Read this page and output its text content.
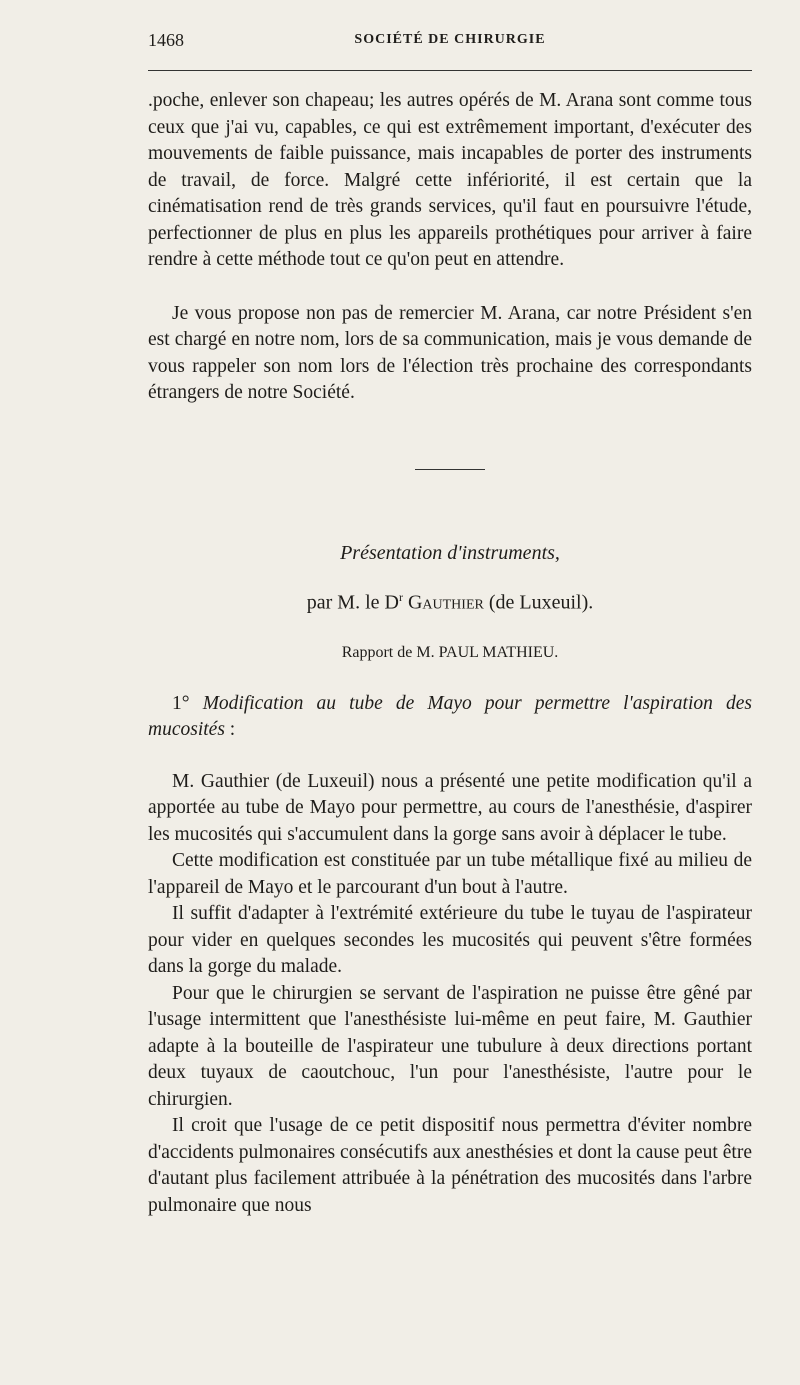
1468	SOCIÉTÉ DE CHIRURGIE

.poche, enlever son chapeau; les autres opérés de M. Arana sont comme tous ceux que j'ai vu, capables, ce qui est extrêmement important, d'exécuter des mouvements de faible puissance, mais incapables de porter des instruments de travail, de force. Malgré cette infériorité, il est certain que la cinématisation rend de très grands services, qu'il faut en poursuivre l'étude, perfectionner de plus en plus les appareils prothétiques pour arriver à faire rendre à cette méthode tout ce qu'on peut en attendre.

Je vous propose non pas de remercier M. Arana, car notre Président s'en est chargé en notre nom, lors de sa communication, mais je vous demande de vous rappeler son nom lors de l'élection très prochaine des correspondants étrangers de notre Société.

Présentation d'instruments,

par M. le $D^r$ Gauthier (de Luxeuil).

Rapport de M. PAUL MATHIEU.

1° Modification au tube de Mayo pour permettre l'aspiration des mucosités :

M. Gauthier (de Luxeuil) nous a présenté une petite modification qu'il a apportée au tube de Mayo pour permettre, au cours de l'anesthésie, d'aspirer les mucosités qui s'accumulent dans la gorge sans avoir à déplacer le tube.

Cette modification est constituée par un tube métallique fixé au milieu de l'appareil de Mayo et le parcourant d'un bout à l'autre.

Il suffit d'adapter à l'extrémité extérieure du tube le tuyau de l'aspirateur pour vider en quelques secondes les mucosités qui peuvent s'être formées dans la gorge du malade.

Pour que le chirurgien se servant de l'aspiration ne puisse être gêné par l'usage intermittent que l'anesthésiste lui-même en peut faire, M. Gauthier adapte à la bouteille de l'aspirateur une tubulure à deux directions portant deux tuyaux de caoutchouc, l'un pour l'anesthésiste, l'autre pour le chirurgien.

Il croit que l'usage de ce petit dispositif nous permettra d'éviter nombre d'accidents pulmonaires consécutifs aux anesthésies et dont la cause peut être d'autant plus facilement attribuée à la pénétration des mucosités dans l'arbre pulmonaire que nous
